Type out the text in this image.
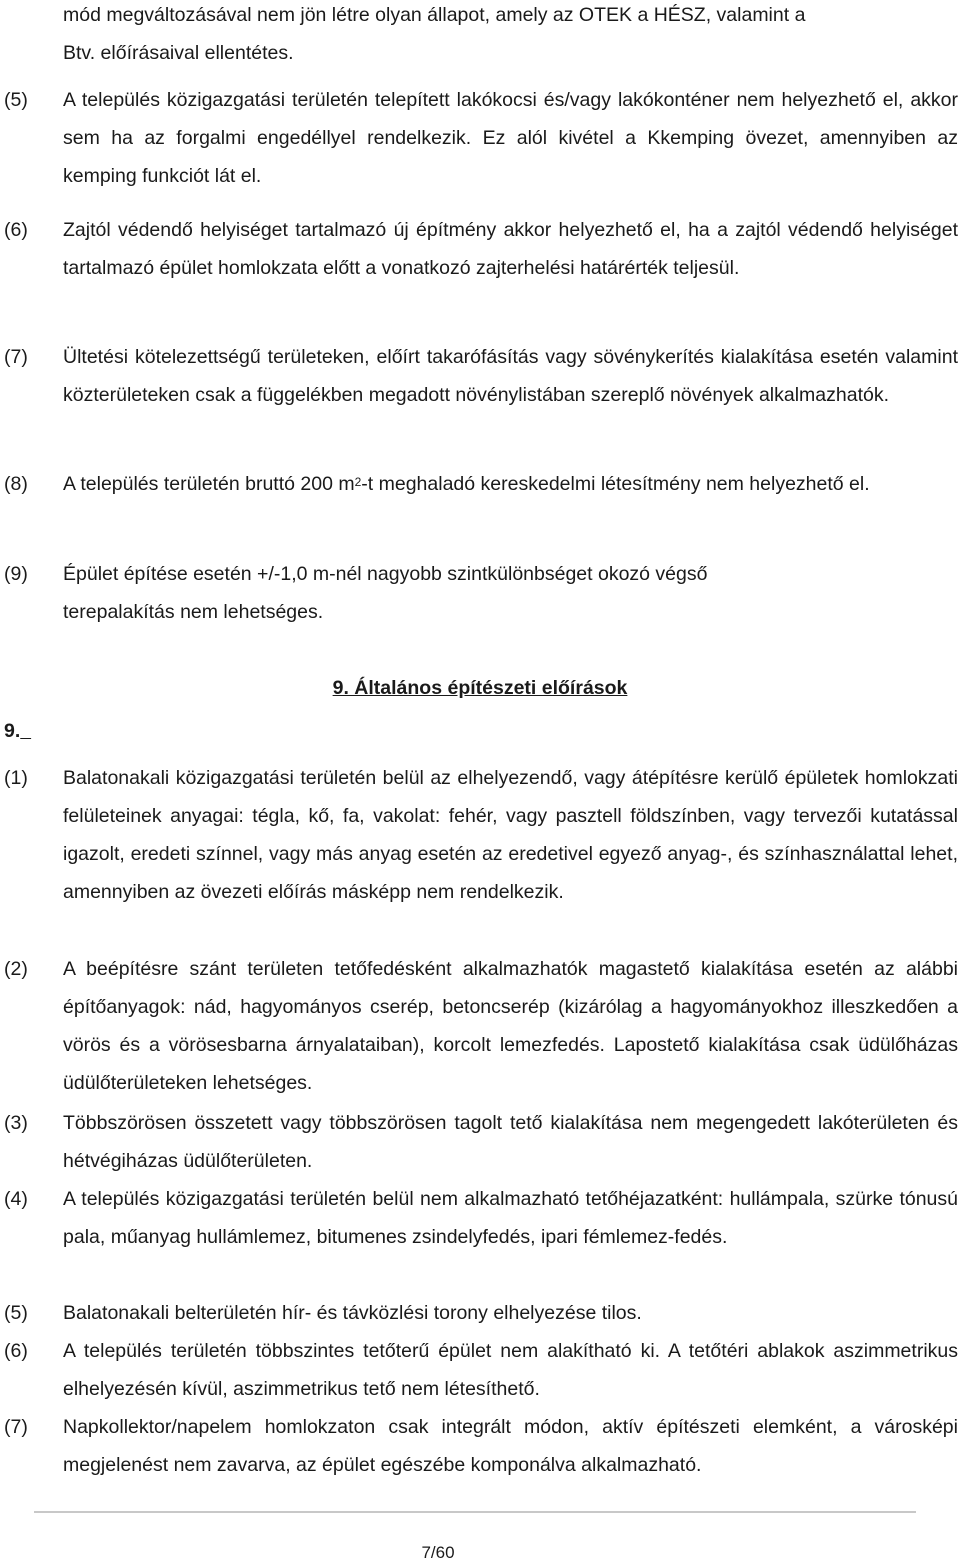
mód megváltozásával nem jön létre olyan állapot, amely az OTEK a HÉSZ, valamint a
Btv. előírásaival ellentétes.
(5)	A település közigazgatási területén telepített lakókocsi és/vagy lakókonténer nem helyezhető el, akkor sem ha az forgalmi engedéllyel rendelkezik. Ez alól kivétel a Kkemping övezet, amennyiben az kemping funkciót lát el.
(6)	Zajtól védendő helyiséget tartalmazó új építmény akkor helyezhető el, ha a zajtól védendő helyiséget tartalmazó épület homlokzata előtt a vonatkozó zajterhelési határérték teljesül.
(7)	Ültetési kötelezettségű területeken, előírt takarófásítás vagy sövénykerítés kialakítása esetén valamint közterületeken csak a függelékben megadott növénylistában szereplő növények alkalmazhatók.
(8)	A település területén bruttó 200 $m^2-t$ meghaladó kereskedelmi létesítmény nem helyezhető el.
(9)	Épület építése esetén +/-1,0 m-nél nagyobb szintkülönbséget okozó végső
terepalakítás nem lehetséges.
9. Általános építészeti előírások
9.
(1)	Balatonakali közigazgatási területén belül az elhelyezendő, vagy átépítésre kerülő épületek homlokzati felületeinek anyagai: tégla, kő, fa, vakolat: fehér, vagy pasztell földszínben, vagy tervezői kutatással igazolt, eredeti színnel, vagy más anyag esetén az eredetivel egyező anyag-, és színhasználattal lehet, amennyiben az övezeti előírás másképp nem rendelkezik.
(2)	A beépítésre szánt területen tetőfedésként alkalmazhatók magastető kialakítása esetén az alábbi építőanyagok: nád, hagyományos cserép, betoncserép (kizárólag a hagyományokhoz illeszkedően a vörös és a vörösesbarna árnyalataiban), korcolt lemezfedés. Lapostető kialakítása csak üdülőházas üdülőterületeken lehetséges.
(3)	Többszörösen összetett vagy többszörösen tagolt tető kialakítása nem megengedett lakóterületen és hétvégiházas üdülőterületen.
(4)	A település közigazgatási területén belül nem alkalmazható tetőhéjazatként: hullámpala, szürke tónusú pala, műanyag hullámlemez, bitumenes zsindelyfedés, ipari fémlemez-fedés.
(5)	Balatonakali belterületén hír- és távközlési torony elhelyezése tilos.
(6)	A település területén többszintes tetőterű épület nem alakítható ki. A tetőtéri ablakok aszimmetrikus elhelyezésén kívül, aszimmetrikus tető nem létesíthető.
(7)	Napkollektor/napelem homlokzaton csak integrált módon, aktív építészeti elemként, a városképi megjelenést nem zavarva, az épület egészébe komponálva alkalmazható.
7/60
